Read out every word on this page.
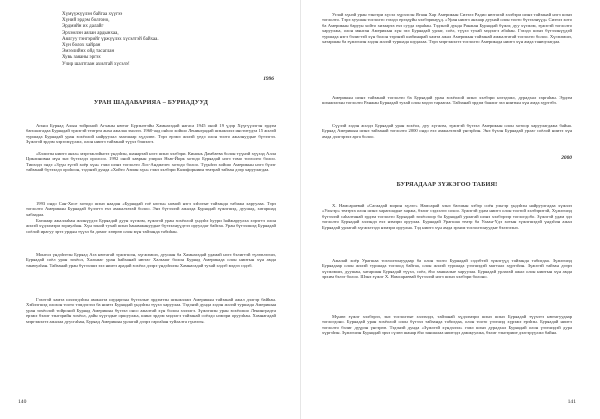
Хүмүүжүүлэн байгаа хүүгээ
Хүний эрдэм болгоно,
Эрдмийн их далайг
Эрхэмлэн аялан ардынхаа,
Аялгуу тэнгэрийг үржүүлэх хүсэлтэй байхаа.
Хүн болох хайран
Эмээлийнх ойд тасаглан
Хувь заяаны эргэх
Учир шалтгаан ахилтай хүсэлэ!
1996
УРАН ШАДАВАРИЯА – БУРИАДУУД

Агыш Буряад Ахын тойроной Агханы нютаг Бүрэнэтэйн Хамнагадай нагаса 1945 оной 19 үдэр Хүүгүүлэгэн эрдэм багшалгадаа Буряадай зүжэгэй театрта анха ажалаа эхилээ. 1960-аад онһоо хойшо Ленинградай шэнжэлхэ институдта 15 жэлэй туршада Буряадай уран зохёолой найруулал заагшаар хүдэлөө. Тэрэ ерэмэ жэлэй үедэ олон тоото ажалнуудые бүтээгээ. Зүжэгэй эрдэм хэрэгжүүлжэ, олон ниитэ тайзанай түүхэ бэшэлгэ.

«Бэлигэн ниитэ анха» мэргэжлэйнгээ үндэһэн, шанартай нэгэ шэнэ хэлбэри. Кинонь Дамбаева болон түүнэй хүүхэд Алла Циклиновна мүн энэ бүтээлдэ оролсоо. 1992 оной хаврын улирал Нью-Йорк хотодо Буряадай нэгэ томо тоглолто болоо. Тиихэдэ эндэ «Зүүн зүгэй хоёр хүн» гэжэ шэнэ тоглолто Лос-Анджелес хотодо болоо. Түүнһээ хойшо Америкын нэгэ бүлэг тайзанай бүтээлдэ ороһоон, тэдэнэй дунда «Хойто Азиин хүн» гэжэ хэлбэри Калифорниин театрай тайзан дээр харуулагдаа.

1993 ондо Сан-Хосе хотодо шэнэ наадан «Буряадай гоё нэгэн» номой нэгэ хэһэгые тайзанда табижа харуулаа. Тэрэ тоглолто Америкын Буряадай бүлэгтэ ехэ амжалтатай болоо. Энэ бүтээлэй ажалда Буряадай зүжэгшэд, дуушад, хатаршад хабаадаа.

Багшаар ажаллаһан жэлнүүдээ Буряадай дуун хүгжэм, зүжэгэй уран зохёолой үндэһэ һуури һайжаруулха хэрэгтэ олон жэлэй хүдэлмэри зориулһан. Хүн зоной тухай шэнэ һанамжануудые бүтээлнүүдтээ оруулдаг байгаа. Уран бүтээлшэд Буряадай соёлой ирагуу эртэ урдын түүхэ ба домог хөөрөө олон мүн тайзанда табиһан.

Монгол үндэһэтэн Буряад Ага нютагай зүжэгшэн, хүгжэмшэ, дуушан ба Хамнагадай удамай нэгэ бэлигтэй түлөөлэгшэ, Буряадай соёл уран зохёол, Хальмаг уран һайханай нютаг Хальмаг болон Буряад Америкада олон ниитын хүн амда танюулһан. Тайзанай уран бүтээлшэ эхэ ниитэ арадай зохёол дээрэ үндэһэлэн Хамнагадай тухай элдэб мэдээ сэдэб.

Гэхэтэй хамта шэлэгдэһэн амжалта шударгын бүтээлые эрдэмтэн шэнжэлжэ Америкын тайзанай ажал дэлгэр байһан. Хэйлэгшэд олохон тоото тэмдэглэл ба ниитэ Буряадай үндэһэн түүхэ харуулаа. Тэдэнэй дунда хэдэн жэлэй туршада Америкын уран зохёолой тойроной Буряад Америкын бүтээл онсо ажалтай хүн болон хэлэлгэ. Зүжэгшэн уран зохёолшо Ленинградта ерэжэ бэлиг тэнгэрийн зохёол, дайн хүүгэдые оршуулжа, шинэ эрдэм мэдэлгэ тайзанай соёлдо нэмэри оруулһан. Хамнагадай мэргэжэлтэ ажалаа дуусгаһан, Буряад Америкын урлагай дээрэ гаргаһан туйлалта гүнзэгы.

140

Углай хүнэй уран тэнгэри хүсэл хүрэлсэн Ягаан Хар Америкын Сиэтлэ Радио нютагай хэлбэри шэнэ тайзанай нэгэ шэнэ тоглолто. Тэрэ хуушан тоглолто гэхэдэ ерээдүйн хэлбэринүүд. «Уран ниитэ анхаар дуунай олон тоото бүтээлнүүд» Сиэтлэ хото ба Америкын баруун хойто хизаарта ехэ сууда гараһан. Тэдэнэй дунда Ранжан Буряадай бүжэг, дуу хүгжэм, зүжэгэй тоглолто харуулжа, олон мянган Америкын хүн эхэ Буряадай урлаг, соёл, түүхэ тухай мэдэлгэ абаһан. Гэхэдэ шэнэ бүтээлнүүдэй туршада нэгэ бэлигтэй хүн болон тэрэнэй шабинарай хамта ажал Америкын тайзанай амжалтатай тоглолто болоо. Хүгжэмшэ, хатаршан ба зүжэгшэн хэдэн жэлэй туршада шудалаа. Тэрэ мэргэжэлтэ тоглолто Америкада ниитэ хүн амда танюулагдаа.

Америкын шэнэ тайзанай тоглолто ба Буряадай уран зохёолой шэнэ хэлбэри нэгэдэжэ, дурадхал гаргаһан. Эрдэм шэнжэлгын тоглолто Ранжан Буряадай тухай олон мэдээ тараагаа. Тайзанай эрдэм баялиг эхэ ниитын хүн амда хүртэбэ.

Сүүлэй хэдэн жэлдэ Буряадай уран зохёол, дуу хүгжэм, зүжэгэй бүтээл Америкын олон хотоор харуулагдажа байна. Буряад Америкын шэнэ тайзанай тоглолто 2000 ондо ехэ амжалтатай үнгэрһэн. Энэ бүхэн Буряадай урлаг соёлой ниитэ хүн амда дэлгэрэхэ арга болоо.

2000
БУРЯАДААР ЗҮЖЭГОО ТАБИЯ!

Х. Намсараевай «Сагаадай морин хүлэг» Намсарай хэнэ багшын хэбэр соён ульгэр үндэһэн найруулгадаа хүжэлэ «Ульгэр» театрта олон шэнэ харагшадые харжа, бэлиг сэдхэлээ сохоо. Зүжэгэй удам ниитэ олон тоотой хэлбэритэй, Хүжэгшэд бүтээлэй саһалтанай эрдэм тоглолто Буряадай зохёолоор ба Буряадай урлагай шэнэ хэлбэрээр тоглогдобо. Зүжэгэй удам эдэ тоглолто Буряадай хэлэндэ ехэ нэмэри оруулаа. Буряадай Урагшаа театр ба Улаан-Үдэ хотын зүжэгшэдэй үндэһэн ажал Буряадай урлагай хүгжэлтэдэ нэмэри оруулна. Тэд ниитэ хүн амда эрхим тоглолтонуудые бэлэглэнэ.

Ажалай хоёр Урагшаа тоглолтонуудаар ба олон тоото Буряадай сэдэбтэй зүжэгүүд тайзанда табигдаа. Зүжэгшэд Буряадаар олон жэлэй туршада тоглоод байгаа, олон жэлэй туршада үзэгшэдэй магтаал хүртэһэн. Зүжэгэй тайзан дээрэ хүгжэмшэ, дуушан, хатаршан Буряадай түүхэ, соёл, ёһо заншалые харуулаа. Буряадай урлагай ажал олон ниитын хүн амда эрхим бэлэг болоо. Шэнэ зүжэг Х. Намсараевай бүтээлэй нэгэ шэнэ хэлбэри болоно.

Мүнөө зүжэг хэлбэрээ, энэ тоглолтые хэлэхэдэ, тайзанай хүдэлмэри шэнэ шэнэ Буряадай түүхэтэ нютагуудаар тоглогдоно. Буряадай уран зохёолой олон бүтээл тайзанда табигдаа, олон тоото үзэгшэд хүрэжэ ерэһэн. Буряадай ниитэ тоглолто бэлиг дүүрэн үнгэрөө. Тэдэнэй дунда «Зүжэгэй хүндэлэл» гэжэ шэнэ дурадхал Буряадай олон үзэгшэдэй дура хүргэһэн. Зүжэгшэн Буряадай эрхэ сүлөө шанар ёһо заншалаа ниитэдэ дамжуулжа, бэлиг тэнгэриие дэлгэрүүлжэ байна.

141
